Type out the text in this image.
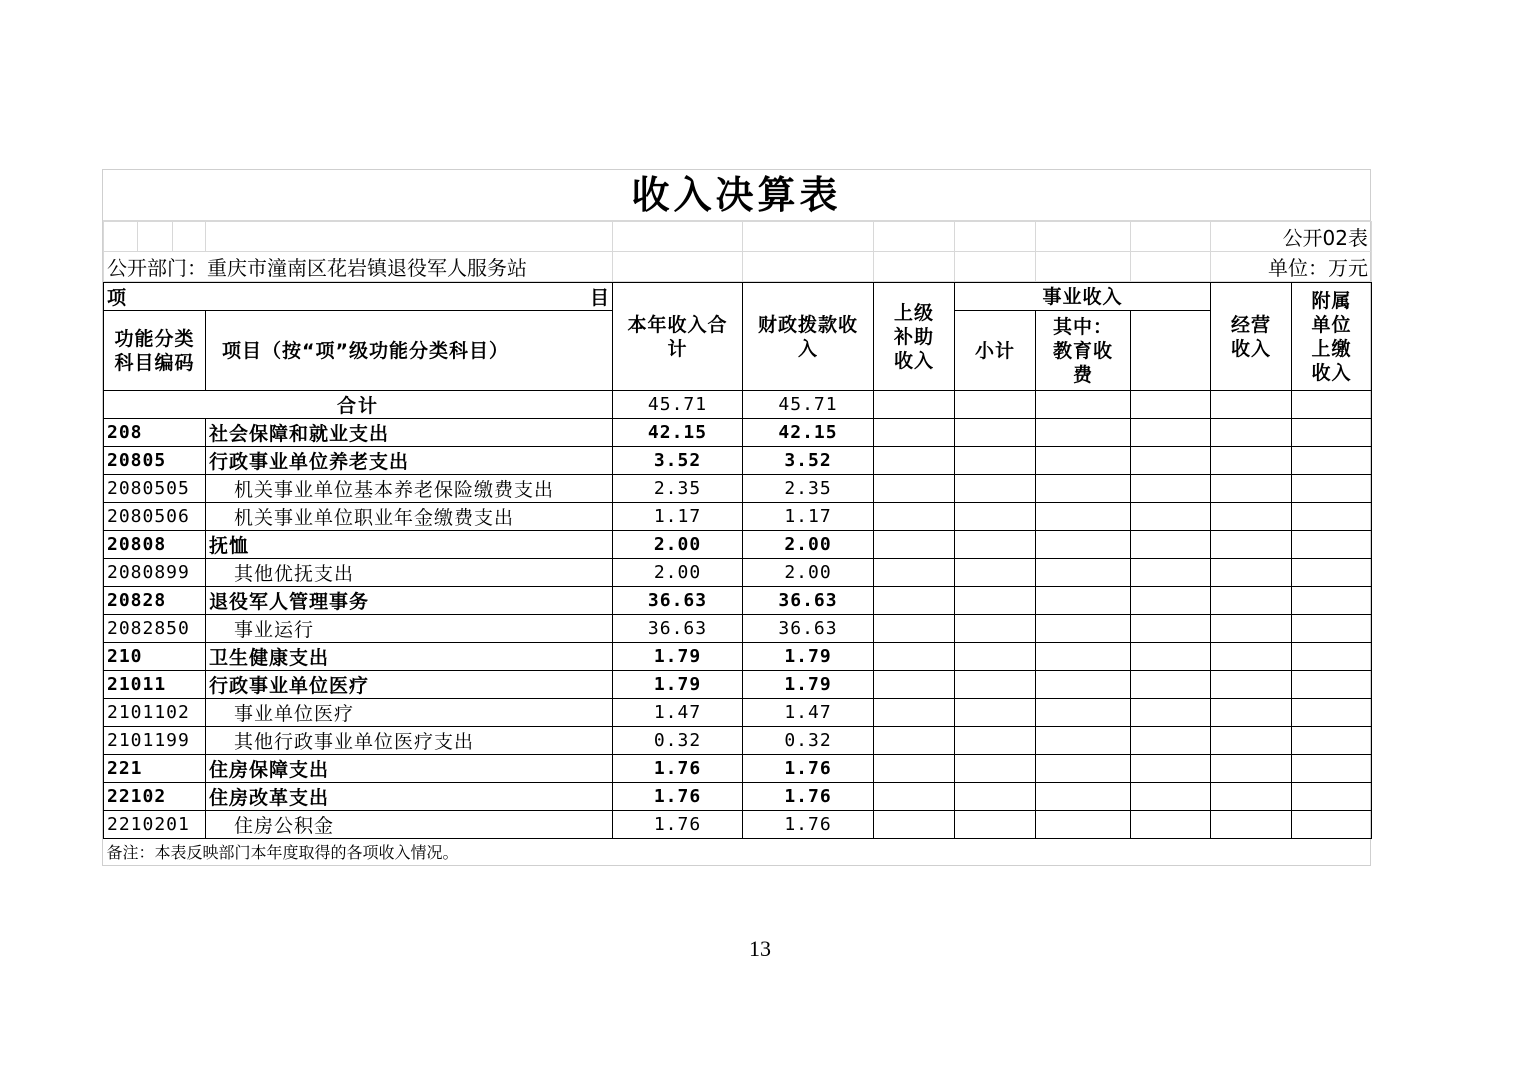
收入决算表
										公开02表
公开部门：重庆市潼南区花岩镇退役军人服务站										单位：万元
项 目		本年收入合计	财政拨款收入	上级补助收入	事业收入			经营收入	附属单位上缴收入	
功能分类科目编码	项目（按“项”级功能分类科目）				小计	其中：教育收费				
合计		45.71	45.71								
208	社会保障和就业支出	42.15	42.15								
20805	行政事业单位养老支出	3.52	3.52								
2080505	机关事业单位基本养老保险缴费支出	2.35	2.35								
2080506	机关事业单位职业年金缴费支出	1.17	1.17								
20808	抚恤	2.00	2.00								
2080899	其他优抚支出	2.00	2.00								
20828	退役军人管理事务	36.63	36.63								
2082850	事业运行	36.63	36.63								
210	卫生健康支出	1.79	1.79								
21011	行政事业单位医疗	1.79	1.79								
2101102	事业单位医疗	1.47	1.47								
2101199	其他行政事业单位医疗支出	0.32	0.32								
221	住房保障支出	1.76	1.76								
22102	住房改革支出	1.76	1.76								
2210201	住房公积金	1.76	1.76								
备注：本表反映部门本年度取得的各项收入情况。										
13
